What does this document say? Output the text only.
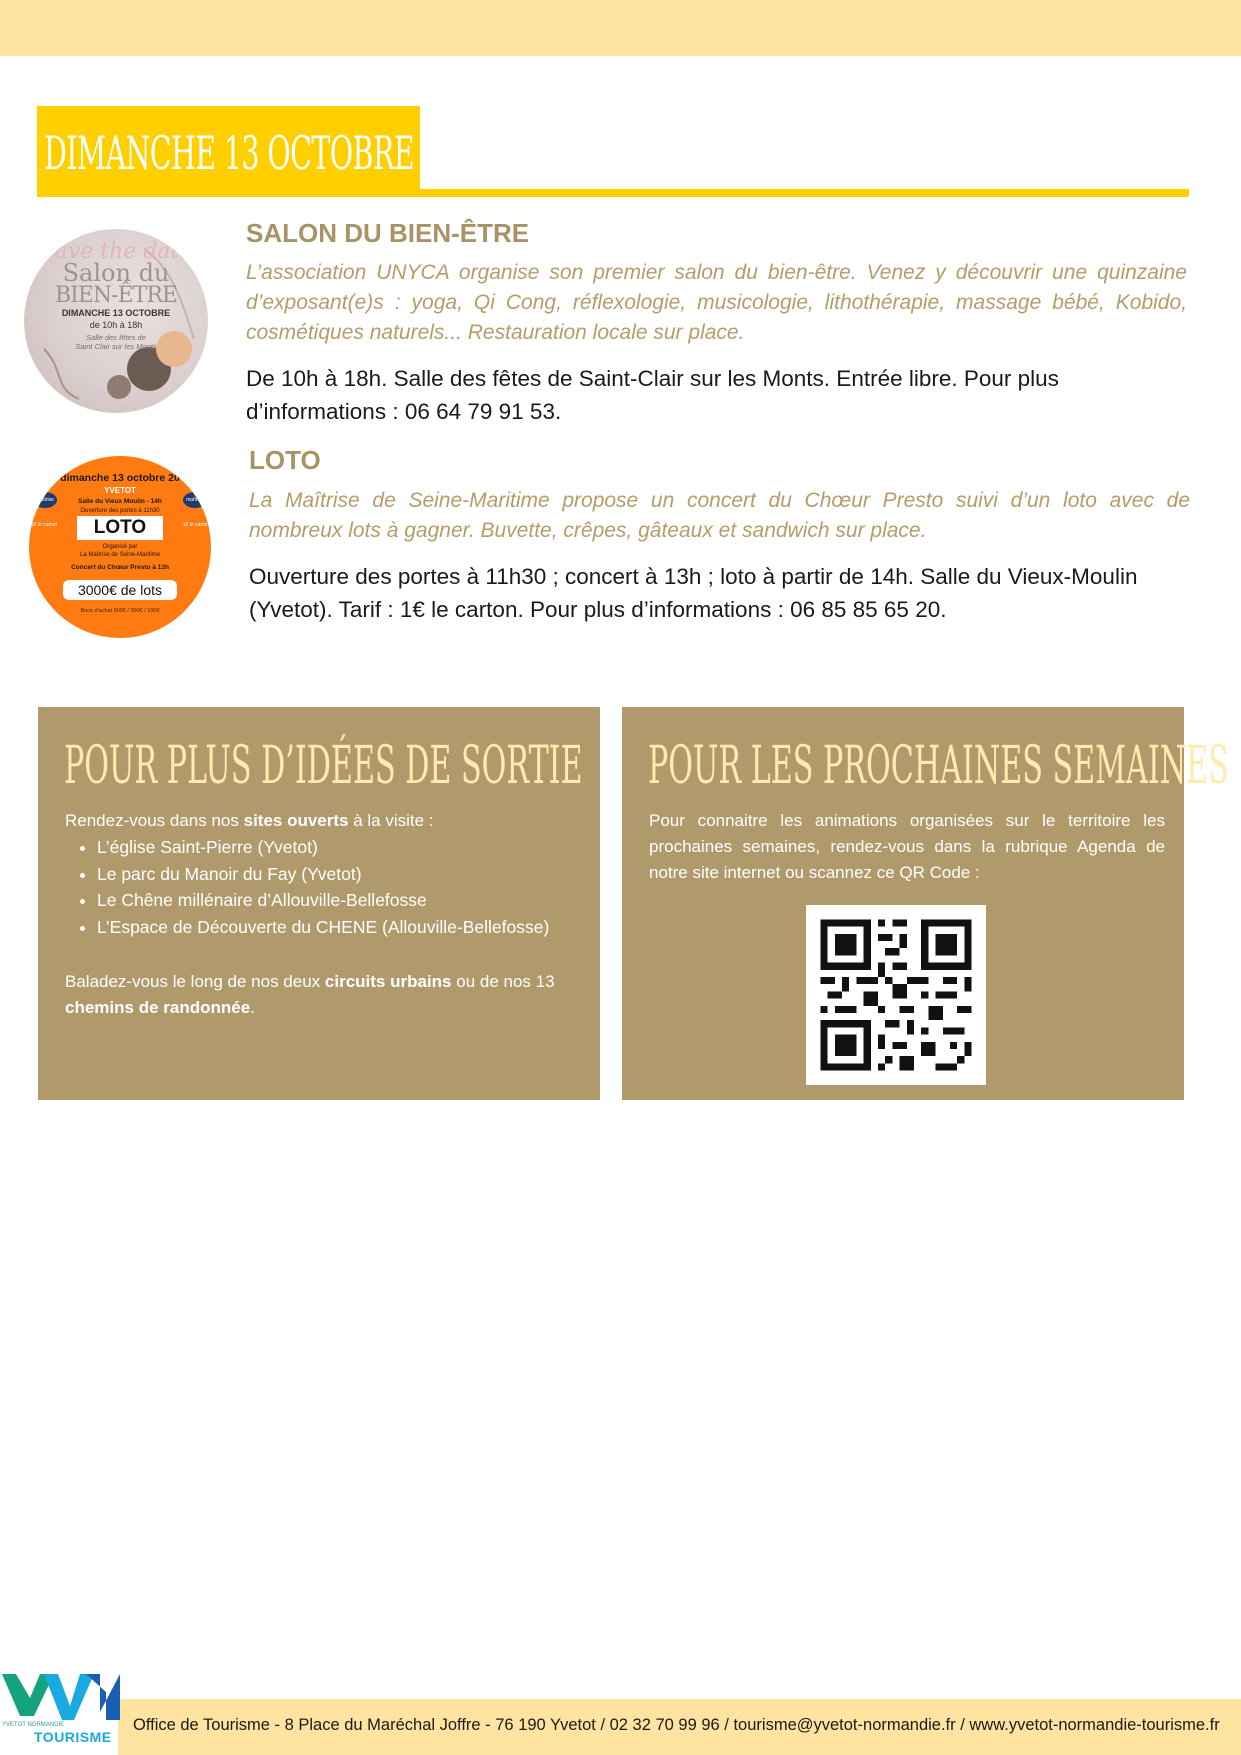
DIMANCHE 13 OCTOBRE
Save the date
Salon du
BIEN-ÊTRE
DIMANCHE 13 OCTOBRE
de 10h à 18h
Salle des fêtes de
Saint Clair sur les Monts
SALON DU BIEN-ÊTRE

L’association UNYCA organise son premier salon du bien-être. Venez y découvrir une quinzaine d’exposant(e)s : yoga, Qi Cong, réflexologie, musicologie, lithothérapie, massage bébé, Kobido, cosmétiques naturels... Restauration locale sur place.

De 10h à 18h. Salle des fêtes de Saint-Clair sur les Monts. Entrée libre. Pour plus d’informations : 06 64 79 91 53.

dimanche 13 octobre 20
YVETOT
maîtrise	maîtrise
Salle du Vieux Moulin - 14h
Ouverture des portes à 11h30
1€ le carton	1€ le carton
LOTO
Organisé par
La Maîtrise de Seine-Maritime
Concert du Chœur Presto à 13h
3000€ de lots
Bons d'achat 500€ / 300€ / 100€
LOTO

La Maîtrise de Seine-Maritime propose un concert du Chœur Presto suivi d’un loto avec de nombreux lots à gagner. Buvette, crêpes, gâteaux et sandwich sur place.

Ouverture des portes à 11h30 ; concert à 13h ; loto à partir de 14h. Salle du Vieux-Moulin (Yvetot). Tarif : 1€ le carton. Pour plus d’informations : 06 85 85 65 20.

POUR PLUS D’IDÉES DE SORTIE

Rendez-vous dans nos sites ouverts à la visite :

• L’église Saint-Pierre (Yvetot)
• Le parc du Manoir du Fay (Yvetot)
• Le Chêne millénaire d’Allouville-Bellefosse
• L’Espace de Découverte du CHENE (Allouville-Bellefosse)

Baladez-vous le long de nos deux circuits urbains ou de nos 13 chemins de randonnée.

POUR LES PROCHAINES SEMAINES

Pour connaitre les animations organisées sur le territoire les prochaines semaines, rendez-vous dans la rubrique Agenda de notre site internet ou scannez ce QR Code :

Office de Tourisme - 8 Place du Maréchal Joffre - 76 190 Yvetot / 02 32 70 99 96 / tourisme@yvetot-normandie.fr / www.yvetot-normandie-tourisme.fr

YVETOT NORMANDIE

TOURISME
